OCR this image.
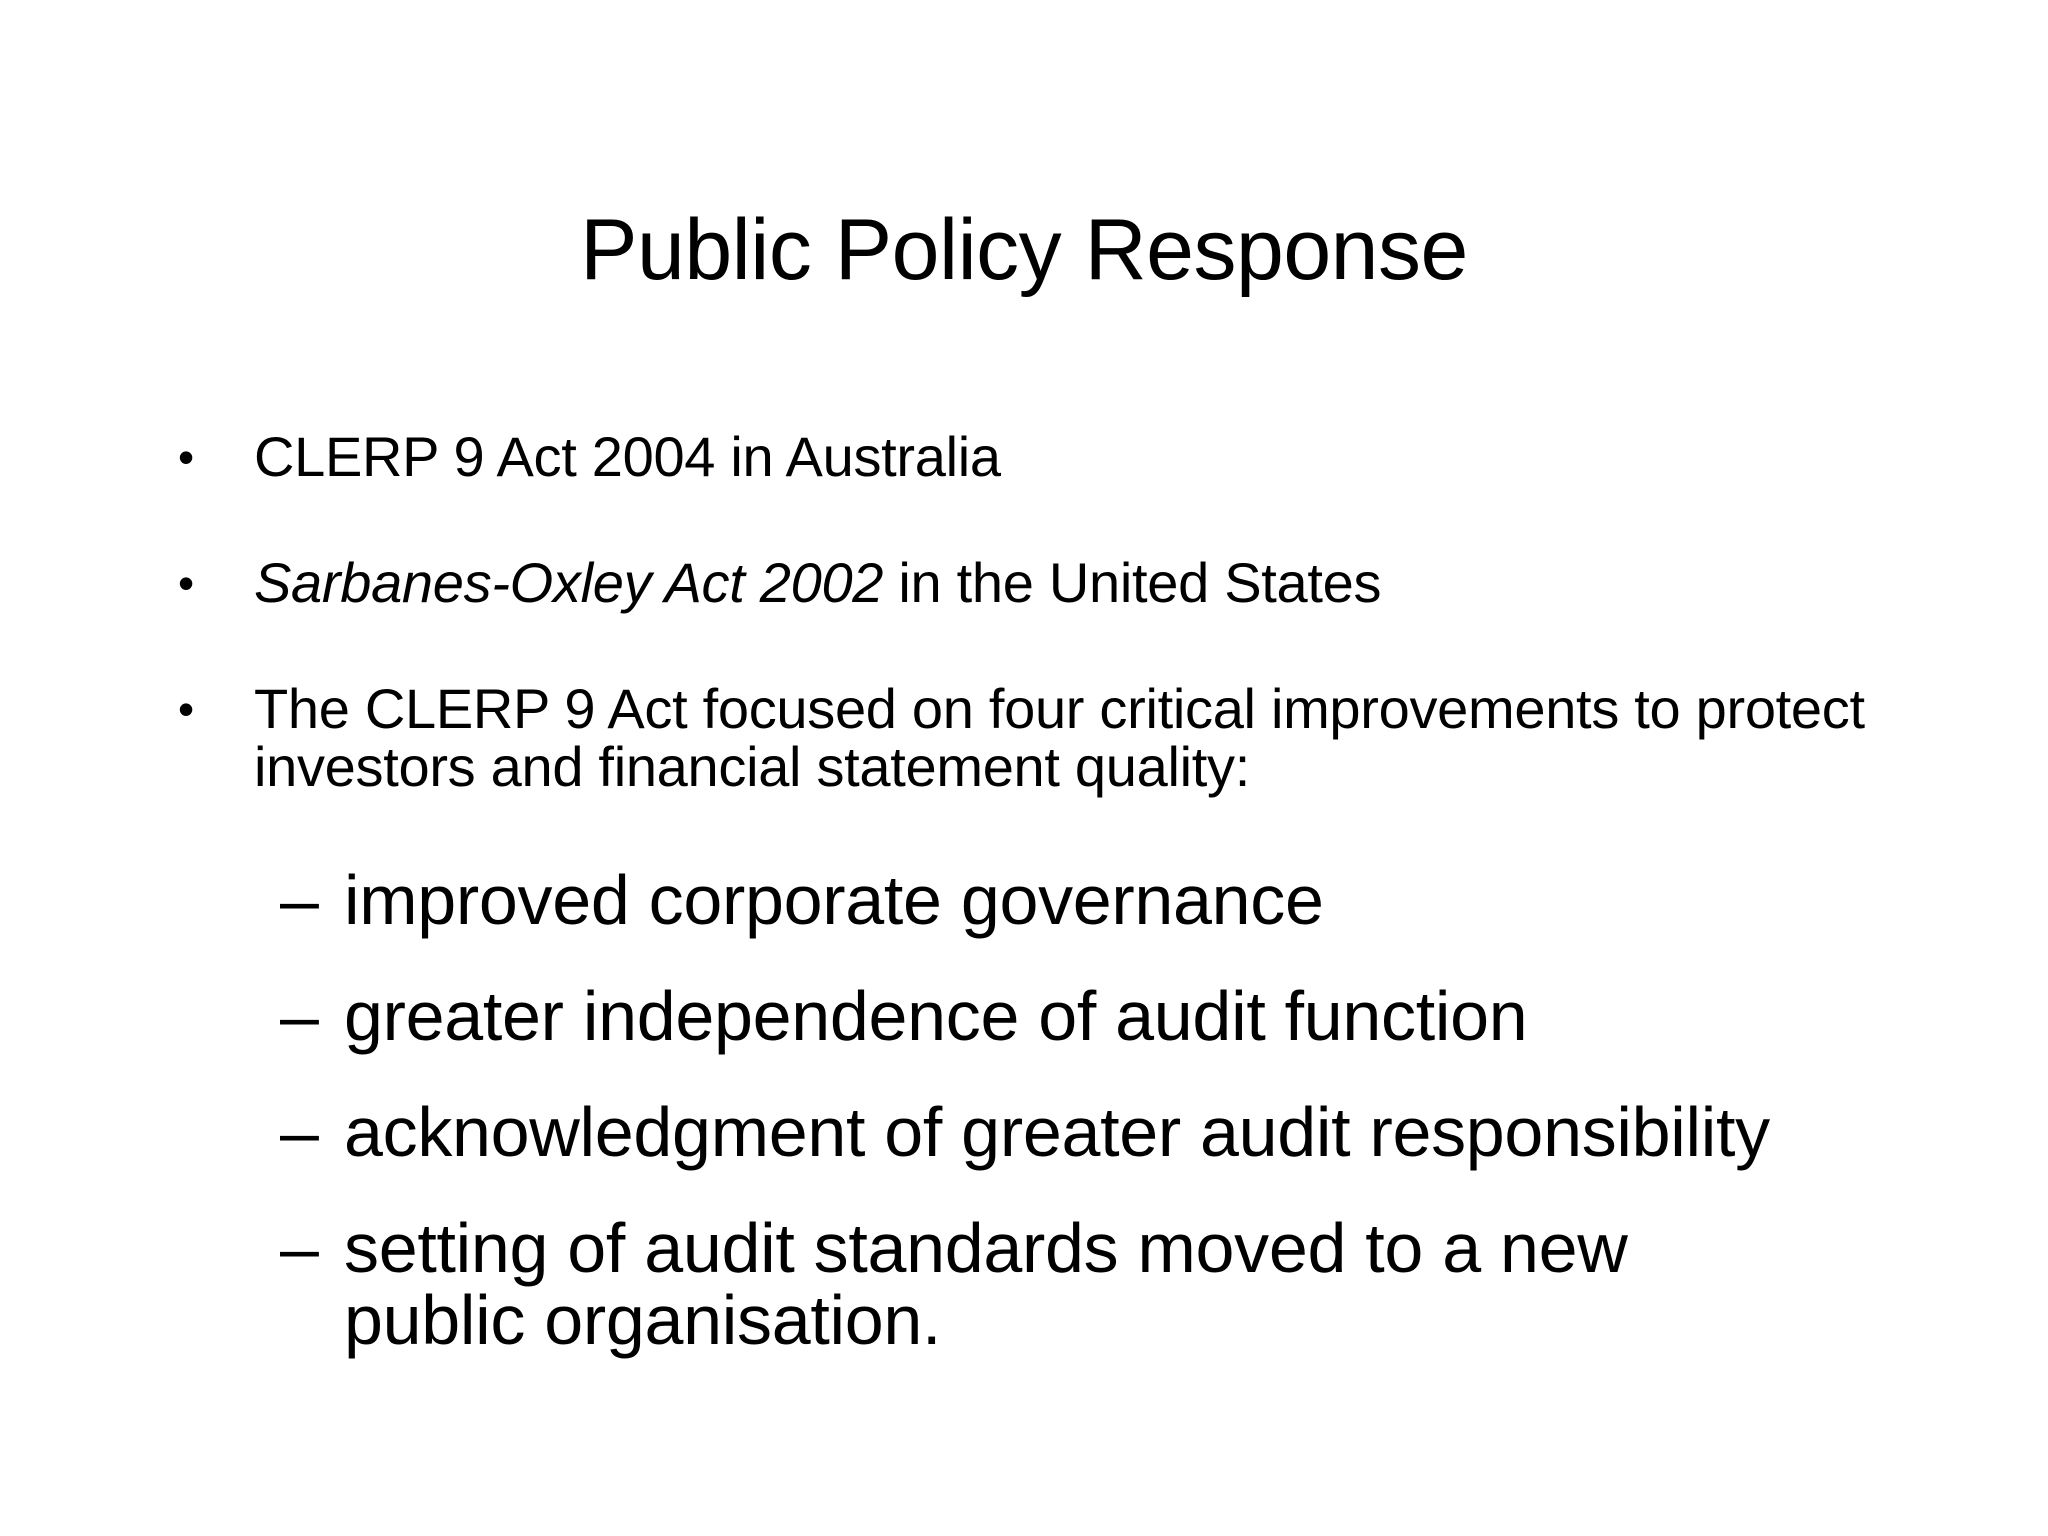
Public Policy Response
• CLERP 9 Act 2004 in Australia
• Sarbanes-Oxley Act 2002 in the United States
• The CLERP 9 Act focused on four critical improvements to protect investors and financial statement quality:
– improved corporate governance
– greater independence of audit function
– acknowledgment of greater audit responsibility
– setting of audit standards moved to a new public organisation.
